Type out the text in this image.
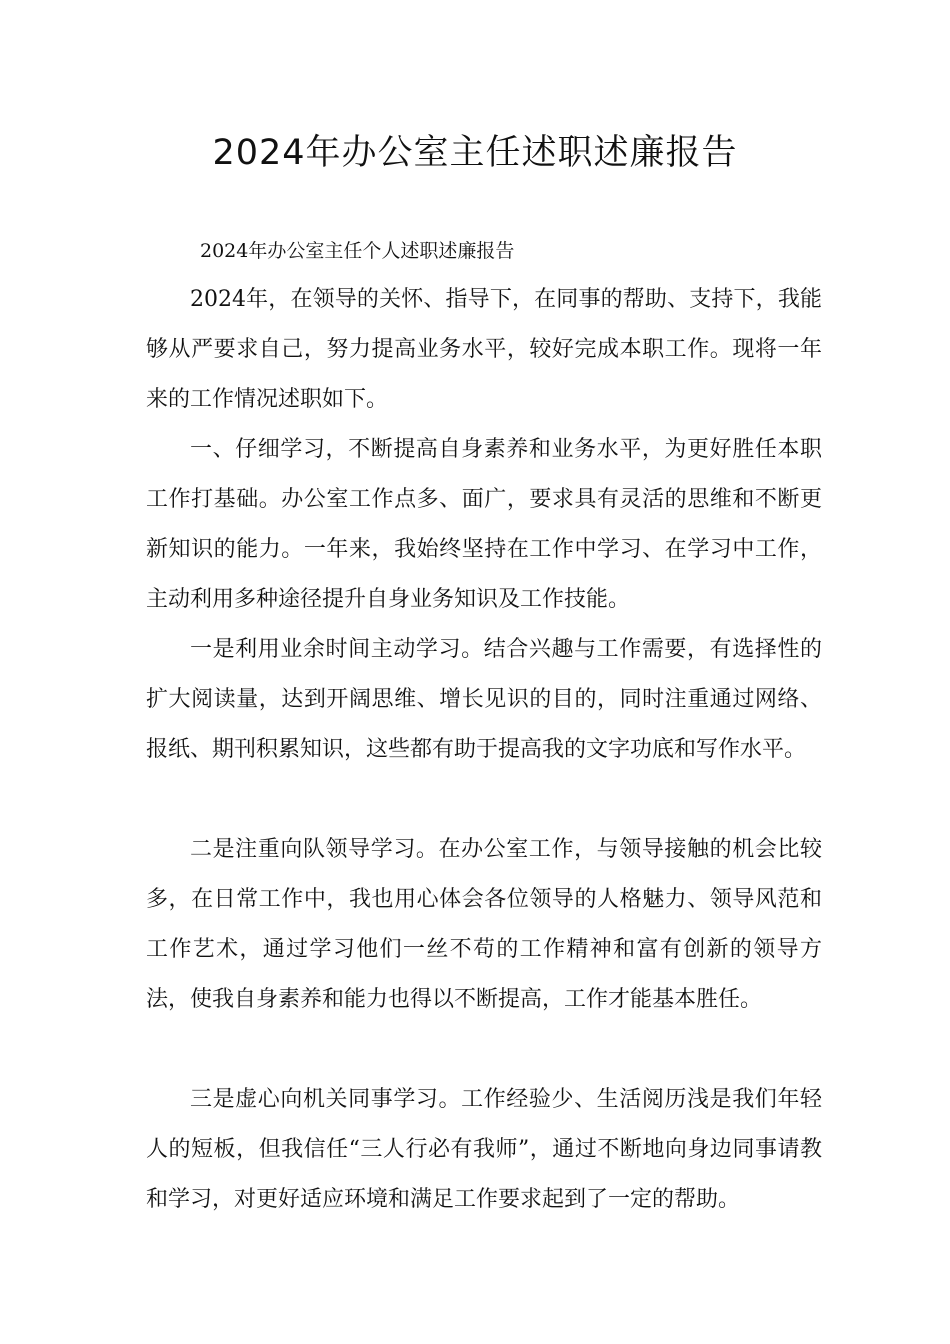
2024年办公室主任述职述廉报告

2024年办公室主任个人述职述廉报告

2024年，在领导的关怀、指导下，在同事的帮助、支持下，我能够从严要求自己，努力提高业务水平，较好完成本职工作。现将一年来的工作情况述职如下。

一、仔细学习，不断提高自身素养和业务水平，为更好胜任本职工作打基础。办公室工作点多、面广，要求具有灵活的思维和不断更新知识的能力。一年来，我始终坚持在工作中学习、在学习中工作，主动利用多种途径提升自身业务知识及工作技能。

一是利用业余时间主动学习。结合兴趣与工作需要，有选择性的扩大阅读量，达到开阔思维、增长见识的目的，同时注重通过网络、报纸、期刊积累知识，这些都有助于提高我的文字功底和写作水平。

二是注重向队领导学习。在办公室工作，与领导接触的机会比较多，在日常工作中，我也用心体会各位领导的人格魅力、领导风范和工作艺术，通过学习他们一丝不苟的工作精神和富有创新的领导方法，使我自身素养和能力也得以不断提高，工作才能基本胜任。

三是虚心向机关同事学习。工作经验少、生活阅历浅是我们年轻人的短板，但我信任“三人行必有我师”，通过不断地向身边同事请教和学习，对更好适应环境和满足工作要求起到了一定的帮助。
